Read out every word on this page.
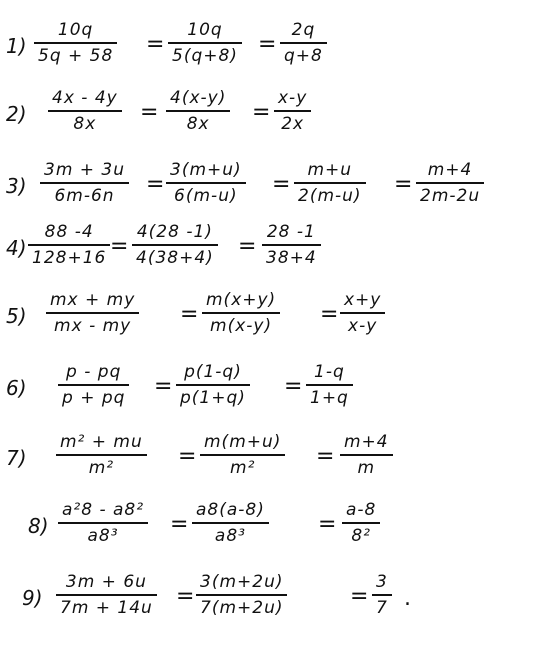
1)
10q
5q + 58 =
10q
5(q+8) =
2q
q+8
2)
4x - 4y
8x =
4(x-y)
8x =
x-y
2x
3)
3m + 3u
6m-6n =
3(m+u)
6(m-u) =
m+u
2(m-u) =
m+4
2m-2u
4)
88 -4
128+16 =
4(28 -1)
4(38+4) =
28 -1
38+4
5)
mx + my
mx - my =
m(x+y)
m(x-y) =
x+y
x-y
6)
p - pq
p + pq =
p(1-q)
p(1+q) =
1-q
1+q
7)
m² + mu
m²	=
m(m+u)
m²	=
m+4
m
8)
a²8 - a8²
a8³ =
a8(a-8)
a8³	=
a-8
8²
9)
3m + 6u
7m + 14u =
3(m+2u)
7(m+2u)	=
3
7 .
